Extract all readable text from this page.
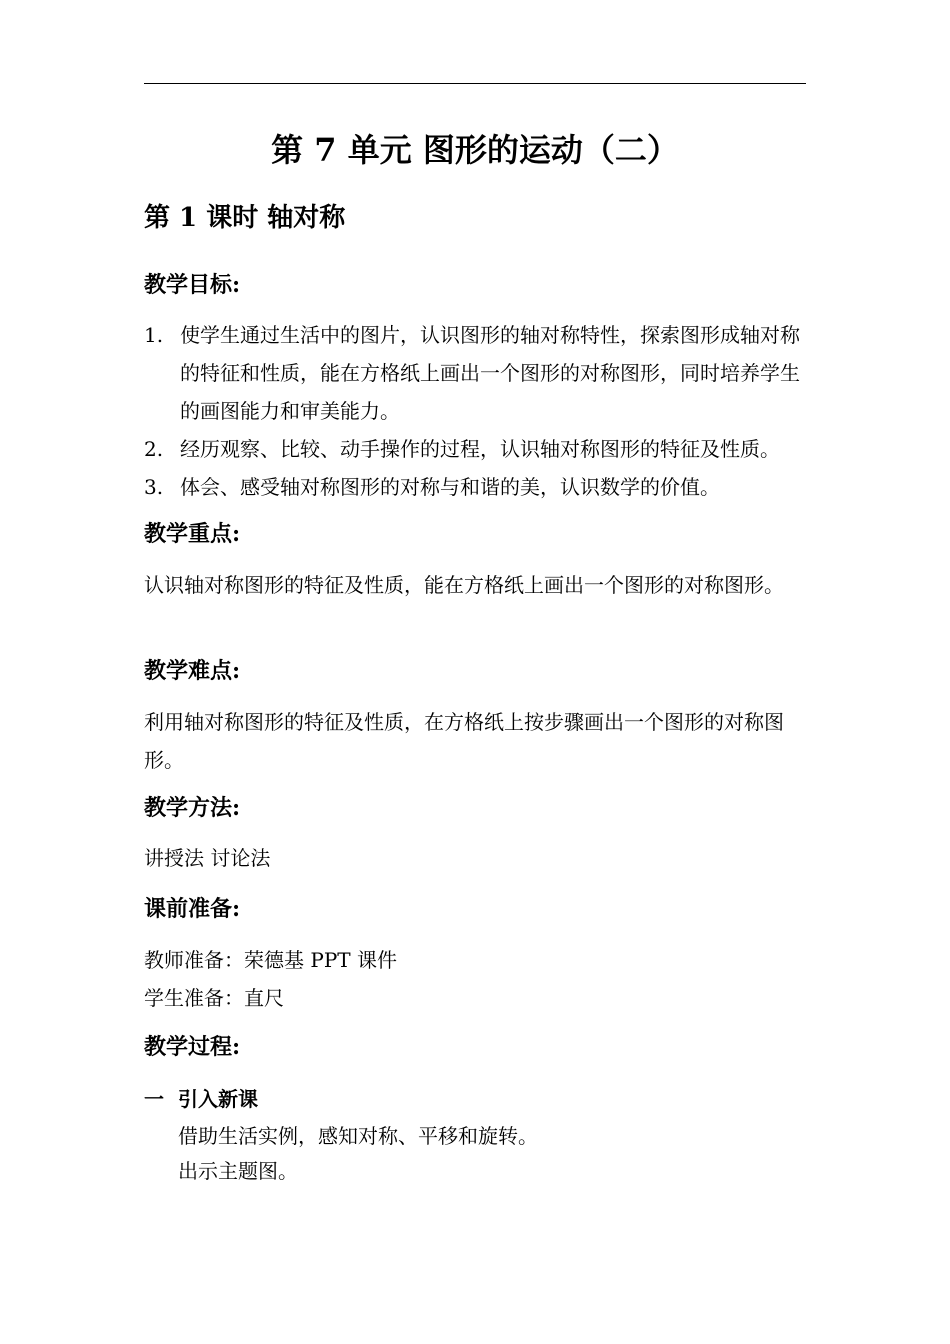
第 7 单元 图形的运动（二）
第 1 课时 轴对称
教学目标:
1. 使学生通过生活中的图片，认识图形的轴对称特性，探索图形成轴对称的特征和性质，能在方格纸上画出一个图形的对称图形，同时培养学生的画图能力和审美能力。
2. 经历观察、比较、动手操作的过程，认识轴对称图形的特征及性质。
3. 体会、感受轴对称图形的对称与和谐的美，认识数学的价值。
教学重点:

认识轴对称图形的特征及性质，能在方格纸上画出一个图形的对称图形。

教学难点:

利用轴对称图形的特征及性质，在方格纸上按步骤画出一个图形的对称图形。

教学方法:

讲授法 讨论法

课前准备:

教师准备：荣德基 PPT 课件

学生准备：直尺

教学过程:
一 引入新课

借助生活实例，感知对称、平移和旋转。

出示主题图。
